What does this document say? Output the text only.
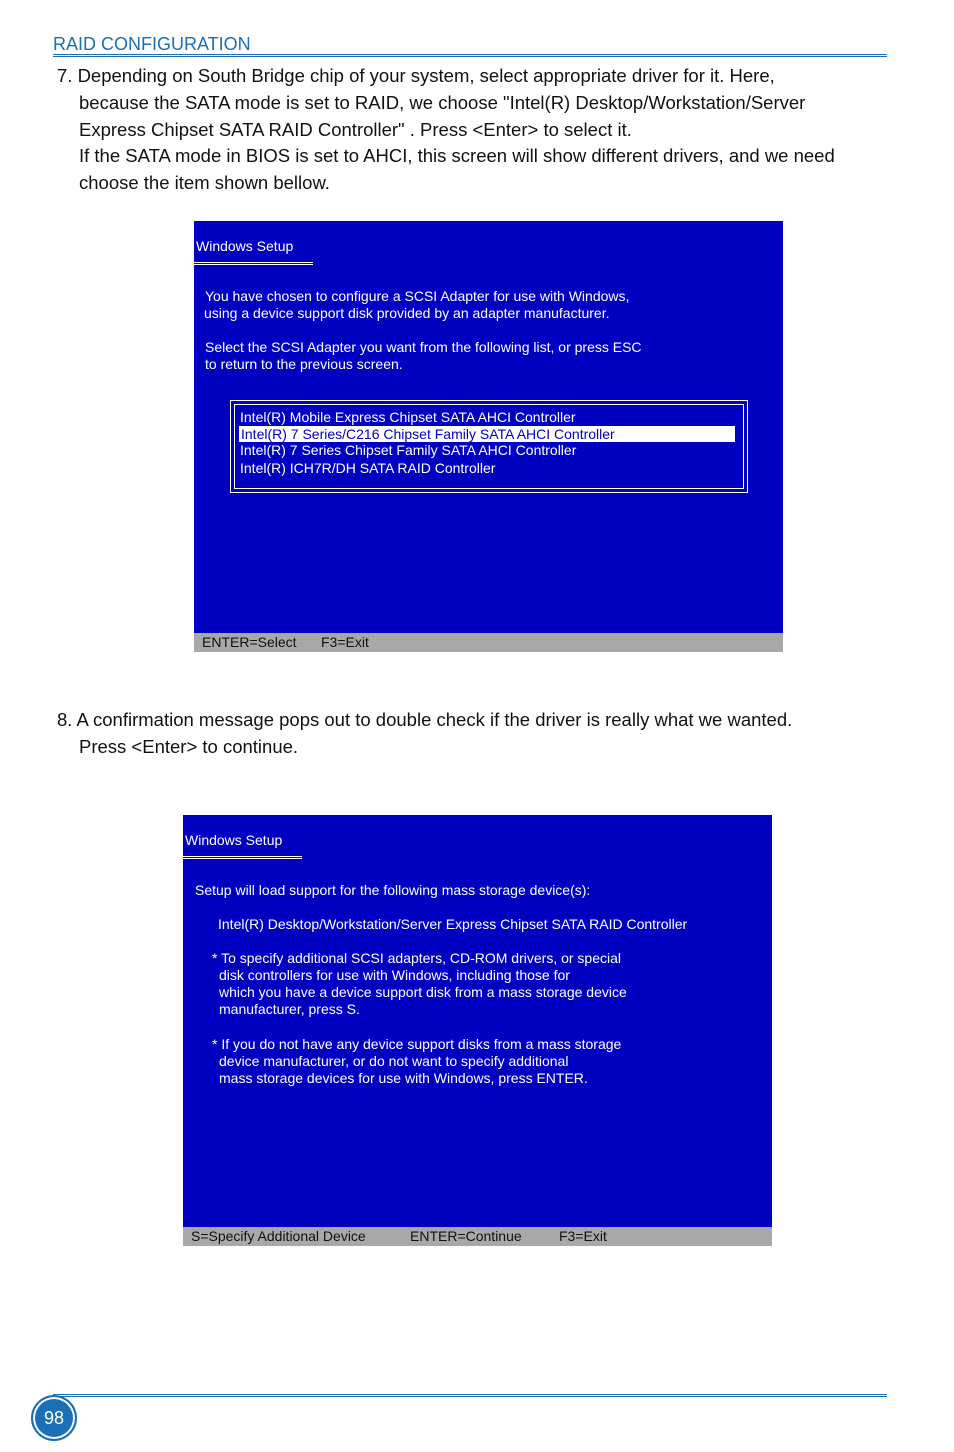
RAID CONFIGURATION
7. Depending on South Bridge chip of your system, select appropriate driver for it. Here,
because the SATA mode is set to RAID, we choose "Intel(R) Desktop/Workstation/Server
Express Chipset SATA RAID Controller" . Press <Enter> to select it.
If the SATA mode in BIOS is set to AHCI, this screen will show different drivers, and we need
choose the item shown bellow.
Windows Setup
You have chosen to configure a SCSI Adapter for use with Windows,
using a device support disk provided by an adapter manufacturer.
Select the SCSI Adapter you want from the following list, or press ESC
to return to the previous screen.
Intel(R) Mobile Express Chipset SATA AHCI Controller
Intel(R) 7 Series/C216 Chipset Family SATA AHCI Controller
Intel(R) 7 Series Chipset Family SATA AHCI Controller
Intel(R) ICH7R/DH SATA RAID Controller
ENTER=Select F3=Exit
8. A confirmation message pops out to double check if the driver is really what we wanted.
Press <Enter> to continue.
Windows Setup
Setup will load support for the following mass storage device(s):
Intel(R) Desktop/Workstation/Server Express Chipset SATA RAID Controller
* To specify additional SCSI adapters, CD-ROM drivers, or special
disk controllers for use with Windows, including those for
which you have a device support disk from a mass storage device
manufacturer, press S.
* If you do not have any device support disks from a mass storage
device manufacturer, or do not want to specify additional
mass storage devices for use with Windows, press ENTER.
S=Specify Additional Device	ENTER=Continue	F3=Exit
98
